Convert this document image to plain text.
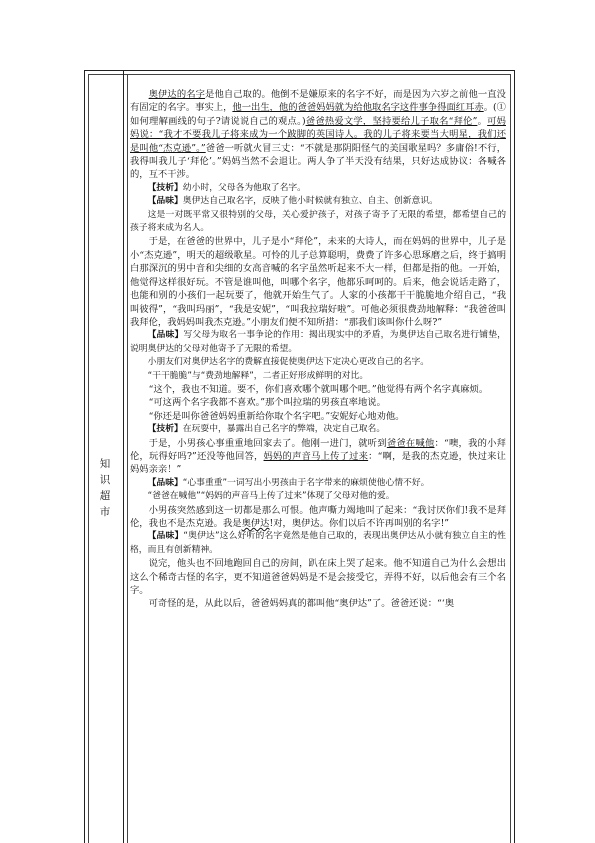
知
识
超
市

奥伊达的名字是他自己取的。他倒不是嫌原来的名字不好，而是因为六岁之前他一直没有固定的名字。事实上，他一出生，他的爸爸妈妈就为给他取名字这件事争得面红耳赤。(①如何理解画线的句子?请说说自己的观点。)爸爸热爱文学，坚持要给儿子取名“拜伦”。可妈妈说：“我才不要我儿子将来成为一个跛脚的英国诗人。我的儿子将来要当大明星，我们还是叫他“杰克逊”。”爸爸一听就火冒三丈：“不就是那阴阳怪气的美国歌星吗？多庸俗!不行，我得叫我儿子‘拜伦’。”妈妈当然不会退让。两人争了半天没有结果，只好达成协议：各喊各的，互不干涉。

【技析】幼小时，父母各为他取了名字。

【品味】奥伊达自己取名字，反映了他小时候就有独立、自主、创新意识。

这是一对既平常又很特别的父母，关心爱护孩子，对孩子寄予了无限的希望，都希望自己的孩子将来成为名人。

于是，在爸爸的世界中，儿子是小“拜伦”，未来的大诗人，而在妈妈的世界中，儿子是小“杰克逊”，明天的超级歌星。可怜的儿子总算聪明，费费了许多心思琢磨之后，终于搞明白那深沉的男中音和尖细的女高音喊的名字虽然听起来不大一样，但都是指的他。一开始，他觉得这样很好玩。不管是谁叫他，叫哪个名字，他都乐呵呵的。后来，他会说话走路了，也能和别的小孩们一起玩要了，他就开始生气了。人家的小孩都干干脆脆地介绍自己，“我叫彼得”，“我叫玛丽”，“我是安妮”，“叫我拉瑞好啦”。可他必须很费劲地解释：“我爸爸叫我拜伦，我妈妈叫我杰克逊。”小朋友们便不知所措：“那我们该叫你什么呀?”

【品味】写父母为取名一事争论的作用：揭出现实中的矛盾，为奥伊达自己取名进行铺垫，说明奥伊达的父母对他寄予了无限的希望。

小朋友们对奥伊达名字的费解直接促使奥伊达下定决心更改自己的名字。

“干干脆脆”与“费劲地解释”，二者正好形成鲜明的对比。

“这个，我也不知道。要不，你们喜欢哪个就叫哪个吧。”他觉得有两个名字真麻烦。

“可这两个名字我都不喜欢。”那个叫拉瑞的男孩直率地说。

“你还是叫你爸爸妈妈重新给你取个名字吧。”安妮好心地劝他。

【技析】在玩耍中，暴露出自己名字的弊端，决定自己取名。

于是，小男孩心事重重地回家去了。他刚一进门，就听到爸爸在喊他：“噢，我的小拜伦，玩得好吗?”还没等他回答，妈妈的声音马上传了过来：“啊，是我的杰克逊，快过来让妈妈亲亲！”

【品味】“心事重重”一词写出小男孩由于名字带来的麻烦使他心情不好。

“爸爸在喊他”“妈妈的声音马上传了过来”体现了父母对他的爱。

小男孩突然感到这一切都是那么可恨。他声嘶力竭地叫了起来：“我讨厌你们!我不是拜伦，我也不是杰克逊。我是奥伊达!对，奥伊达。你们以后不许再叫别的名字!”

【品味】“奥伊达”这么好听的名字竟然是他自己取的，表现出奥伊达从小就有独立自主的性格，而且有创新精神。

说完，他头也不回地跑回自己的房间，趴在床上哭了起来。他不知道自己为什么会想出这么个稀奇古怪的名字，更不知道爸爸妈妈是不是会接受它，弄得不好，以后他会有三个名字。

可奇怪的是，从此以后，爸爸妈妈真的都叫他“奥伊达”了。爸爸还说：“‘奥
